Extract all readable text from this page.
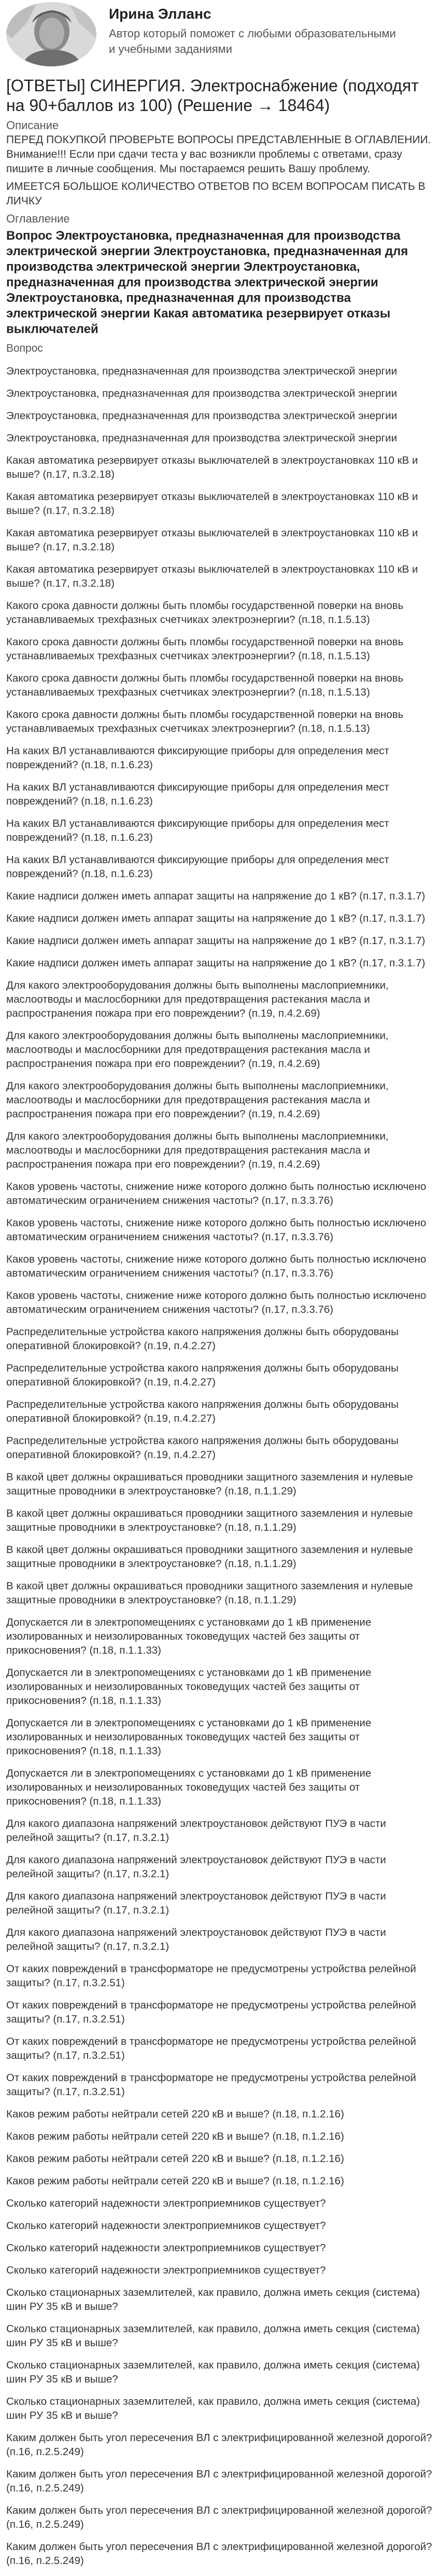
Ирина Элланс
Автор который поможет с любыми образовательными и учебными заданиями
[ОТВЕТЫ] СИНЕРГИЯ. Электроснабжение (подходят на 90+баллов из 100) (Решение → 18464)
Описание
ПЕРЕД ПОКУПКОЙ ПРОВЕРЬТЕ ВОПРОСЫ ПРЕДСТАВЛЕННЫЕ В ОГЛАВЛЕНИИ.
Внимание!!! Если при сдачи теста у вас возникли проблемы с ответами, сразу пишите в личные сообщения. Мы постараемся решить Вашу проблему.
ИМЕЕТСЯ БОЛЬШОЕ КОЛИЧЕСТВО ОТВЕТОВ ПО ВСЕМ ВОПРОСАМ ПИСАТЬ В ЛИЧКУ
Оглавление
Вопрос Электроустановка, предназначенная для производства электрической энергии Электроустановка, предназначенная для производства электрической энергии Электроустановка, предназначенная для производства электрической энергии Электроустановка, предназначенная для производства электрической энергии Какая автоматика резервирует отказы выключателей
Вопрос
Электроустановка, предназначенная для производства электрической энергии
Электроустановка, предназначенная для производства электрической энергии
Электроустановка, предназначенная для производства электрической энергии
Электроустановка, предназначенная для производства электрической энергии
Какая автоматика резервирует отказы выключателей в электроустановках 110 кВ и выше? (п.17, п.3.2.18)
Какая автоматика резервирует отказы выключателей в электроустановках 110 кВ и выше? (п.17, п.3.2.18)
Какая автоматика резервирует отказы выключателей в электроустановках 110 кВ и выше? (п.17, п.3.2.18)
Какая автоматика резервирует отказы выключателей в электроустановках 110 кВ и выше? (п.17, п.3.2.18)
Какого срока давности должны быть пломбы государственной поверки на вновь устанавливаемых трехфазных счетчиках электроэнергии? (п.18, п.1.5.13)
Какого срока давности должны быть пломбы государственной поверки на вновь устанавливаемых трехфазных счетчиках электроэнергии? (п.18, п.1.5.13)
Какого срока давности должны быть пломбы государственной поверки на вновь устанавливаемых трехфазных счетчиках электроэнергии? (п.18, п.1.5.13)
Какого срока давности должны быть пломбы государственной поверки на вновь устанавливаемых трехфазных счетчиках электроэнергии? (п.18, п.1.5.13)
На каких ВЛ устанавливаются фиксирующие приборы для определения мест повреждений? (п.18, п.1.6.23)
На каких ВЛ устанавливаются фиксирующие приборы для определения мест повреждений? (п.18, п.1.6.23)
На каких ВЛ устанавливаются фиксирующие приборы для определения мест повреждений? (п.18, п.1.6.23)
На каких ВЛ устанавливаются фиксирующие приборы для определения мест повреждений? (п.18, п.1.6.23)
Какие надписи должен иметь аппарат защиты на напряжение до 1 кВ? (п.17, п.3.1.7)
Какие надписи должен иметь аппарат защиты на напряжение до 1 кВ? (п.17, п.3.1.7)
Какие надписи должен иметь аппарат защиты на напряжение до 1 кВ? (п.17, п.3.1.7)
Какие надписи должен иметь аппарат защиты на напряжение до 1 кВ? (п.17, п.3.1.7)
Для какого электрооборудования должны быть выполнены маслоприемники, маслоотводы и маслосборники для предотвращения растекания масла и распространения пожара при его повреждении? (п.19, п.4.2.69)
Для какого электрооборудования должны быть выполнены маслоприемники, маслоотводы и маслосборники для предотвращения растекания масла и распространения пожара при его повреждении? (п.19, п.4.2.69)
Для какого электрооборудования должны быть выполнены маслоприемники, маслоотводы и маслосборники для предотвращения растекания масла и распространения пожара при его повреждении? (п.19, п.4.2.69)
Для какого электрооборудования должны быть выполнены маслоприемники, маслоотводы и маслосборники для предотвращения растекания масла и распространения пожара при его повреждении? (п.19, п.4.2.69)
Каков уровень частоты, снижение ниже которого должно быть полностью исключено автоматическим ограничением снижения частоты? (п.17, п.3.3.76)
Каков уровень частоты, снижение ниже которого должно быть полностью исключено автоматическим ограничением снижения частоты? (п.17, п.3.3.76)
Каков уровень частоты, снижение ниже которого должно быть полностью исключено автоматическим ограничением снижения частоты? (п.17, п.3.3.76)
Каков уровень частоты, снижение ниже которого должно быть полностью исключено автоматическим ограничением снижения частоты? (п.17, п.3.3.76)
Распределительные устройства какого напряжения должны быть оборудованы оперативной блокировкой? (п.19, п.4.2.27)
Распределительные устройства какого напряжения должны быть оборудованы оперативной блокировкой? (п.19, п.4.2.27)
Распределительные устройства какого напряжения должны быть оборудованы оперативной блокировкой? (п.19, п.4.2.27)
Распределительные устройства какого напряжения должны быть оборудованы оперативной блокировкой? (п.19, п.4.2.27)
В какой цвет должны окрашиваться проводники защитного заземления и нулевые защитные проводники в электроустановке? (п.18, п.1.1.29)
В какой цвет должны окрашиваться проводники защитного заземления и нулевые защитные проводники в электроустановке? (п.18, п.1.1.29)
В какой цвет должны окрашиваться проводники защитного заземления и нулевые защитные проводники в электроустановке? (п.18, п.1.1.29)
В какой цвет должны окрашиваться проводники защитного заземления и нулевые защитные проводники в электроустановке? (п.18, п.1.1.29)
Допускается ли в электропомещениях с установками до 1 кВ применение изолированных и неизолированных токоведущих частей без защиты от прикосновения? (п.18, п.1.1.33)
Допускается ли в электропомещениях с установками до 1 кВ применение изолированных и неизолированных токоведущих частей без защиты от прикосновения? (п.18, п.1.1.33)
Допускается ли в электропомещениях с установками до 1 кВ применение изолированных и неизолированных токоведущих частей без защиты от прикосновения? (п.18, п.1.1.33)
Допускается ли в электропомещениях с установками до 1 кВ применение изолированных и неизолированных токоведущих частей без защиты от прикосновения? (п.18, п.1.1.33)
Для какого диапазона напряжений электроустановок действуют ПУЭ в части релейной защиты? (п.17, п.3.2.1)
Для какого диапазона напряжений электроустановок действуют ПУЭ в части релейной защиты? (п.17, п.3.2.1)
Для какого диапазона напряжений электроустановок действуют ПУЭ в части релейной защиты? (п.17, п.3.2.1)
Для какого диапазона напряжений электроустановок действуют ПУЭ в части релейной защиты? (п.17, п.3.2.1)
От каких повреждений в трансформаторе не предусмотрены устройства релейной защиты? (п.17, п.3.2.51)
От каких повреждений в трансформаторе не предусмотрены устройства релейной защиты? (п.17, п.3.2.51)
От каких повреждений в трансформаторе не предусмотрены устройства релейной защиты? (п.17, п.3.2.51)
От каких повреждений в трансформаторе не предусмотрены устройства релейной защиты? (п.17, п.3.2.51)
Каков режим работы нейтрали сетей 220 кВ и выше? (п.18, п.1.2.16)
Каков режим работы нейтрали сетей 220 кВ и выше? (п.18, п.1.2.16)
Каков режим работы нейтрали сетей 220 кВ и выше? (п.18, п.1.2.16)
Каков режим работы нейтрали сетей 220 кВ и выше? (п.18, п.1.2.16)
Сколько категорий надежности электроприемников существует?
Сколько категорий надежности электроприемников существует?
Сколько категорий надежности электроприемников существует?
Сколько категорий надежности электроприемников существует?
Сколько стационарных заземлителей, как правило, должна иметь секция (система) шин РУ 35 кВ и выше?
Сколько стационарных заземлителей, как правило, должна иметь секция (система) шин РУ 35 кВ и выше?
Сколько стационарных заземлителей, как правило, должна иметь секция (система) шин РУ 35 кВ и выше?
Сколько стационарных заземлителей, как правило, должна иметь секция (система) шин РУ 35 кВ и выше?
Каким должен быть угол пересечения ВЛ с электрифицированной железной дорогой? (п.16, п.2.5.249)
Каким должен быть угол пересечения ВЛ с электрифицированной железной дорогой? (п.16, п.2.5.249)
Каким должен быть угол пересечения ВЛ с электрифицированной железной дорогой? (п.16, п.2.5.249)
Каким должен быть угол пересечения ВЛ с электрифицированной железной дорогой? (п.16, п.2.5.249)
